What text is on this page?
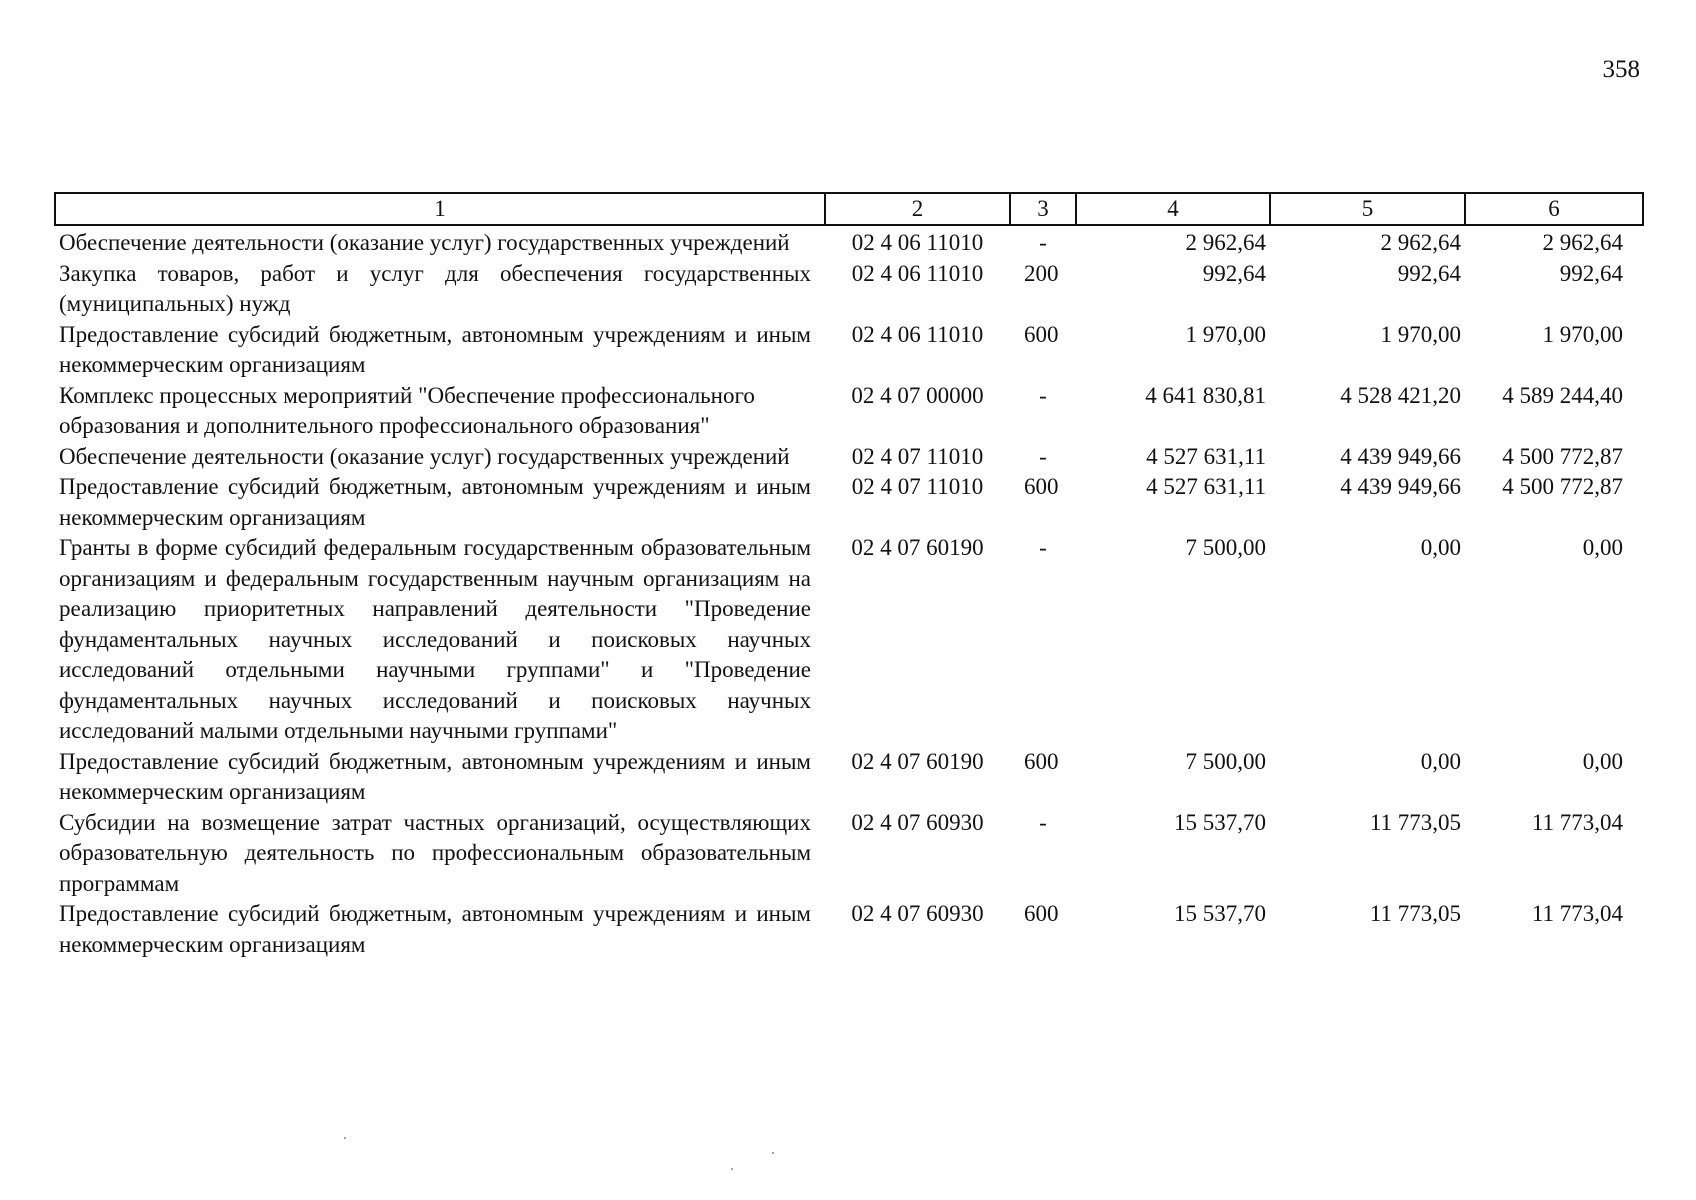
358
1	2	3	4	5	6
Обеспечение деятельности (оказание услуг) государственных учреждений	02 4 06 11010	-	2 962,64	2 962,64	2 962,64
Закупка товаров, работ и услуг для обеспечения государственных (муниципальных) нужд	02 4 06 11010	200	992,64	992,64	992,64
Предоставление субсидий бюджетным, автономным учреждениям и иным некоммерческим организациям	02 4 06 11010	600	1 970,00	1 970,00	1 970,00
Комплекс процессных мероприятий "Обеспечение профессионального образования и дополнительного профессионального образования"	02 4 07 00000	-	4 641 830,81	4 528 421,20	4 589 244,40
Обеспечение деятельности (оказание услуг) государственных учреждений	02 4 07 11010	-	4 527 631,11	4 439 949,66	4 500 772,87
Предоставление субсидий бюджетным, автономным учреждениям и иным некоммерческим организациям	02 4 07 11010	600	4 527 631,11	4 439 949,66	4 500 772,87
Гранты в форме субсидий федеральным государственным образовательным организациям и федеральным государственным научным организациям на реализацию приоритетных направлений деятельности "Проведение фундаментальных научных исследований и поисковых научных исследований отдельными научными группами" и "Проведение фундаментальных научных исследований и поисковых научных исследований малыми отдельными научными группами"	02 4 07 60190	-	7 500,00	0,00	0,00
Предоставление субсидий бюджетным, автономным учреждениям и иным некоммерческим организациям	02 4 07 60190	600	7 500,00	0,00	0,00
Субсидии на возмещение затрат частных организаций, осуществляющих образовательную деятельность по профессиональным образовательным программам	02 4 07 60930	-	15 537,70	11 773,05	11 773,04
Предоставление субсидий бюджетным, автономным учреждениям и иным некоммерческим организациям	02 4 07 60930	600	15 537,70	11 773,05	11 773,04
